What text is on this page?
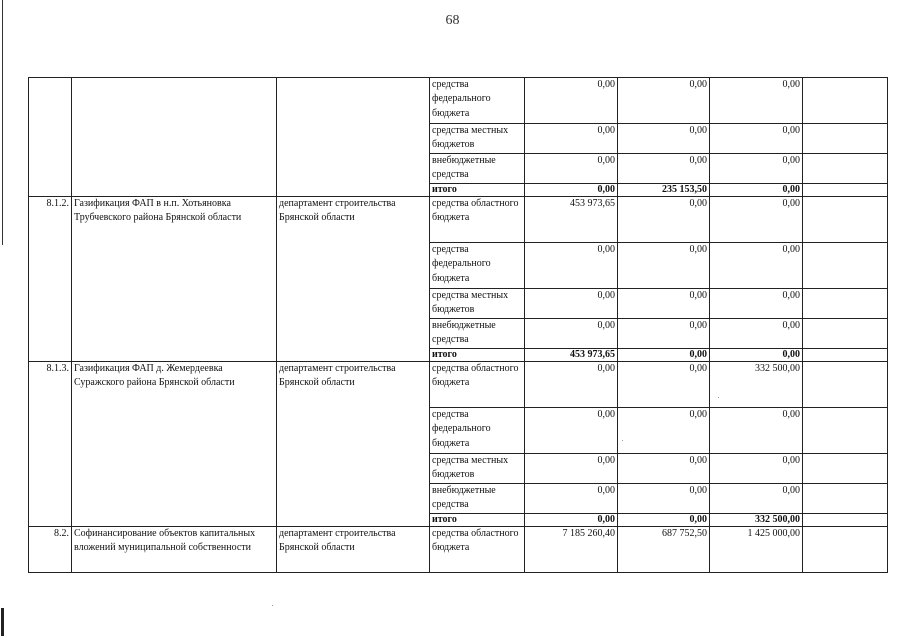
68
			средства федерального бюджета	0,00	0,00	0,00	
			средства местных бюджетов	0,00	0,00	0,00	
			внебюджетные средства	0,00	0,00	0,00	
			итого	0,00	235 153,50	0,00	
8.1.2.	Газификация ФАП в н.п. Хотьяновка Трубчевского района Брянской области	департамент строительства Брянской области	средства областного бюджета	453 973,65	0,00	0,00	
			средства федерального бюджета	0,00	0,00	0,00	
			средства местных бюджетов	0,00	0,00	0,00	
			внебюджетные средства	0,00	0,00	0,00	
			итого	453 973,65	0,00	0,00	
8.1.3.	Газификация ФАП д. Жемердеевка Суражского района Брянской области	департамент строительства Брянской области	средства областного бюджета	0,00	0,00	332 500,00	
			средства федерального бюджета	0,00	0,00	0,00	
			средства местных бюджетов	0,00	0,00	0,00	
			внебюджетные средства	0,00	0,00	0,00	
			итого	0,00	0,00	332 500,00	
8.2.	Софинансирование объектов капитальных вложений муниципальной собственности	департамент строительства Брянской области	средства областного бюджета	7 185 260,40	687 752,50	1 425 000,00	
